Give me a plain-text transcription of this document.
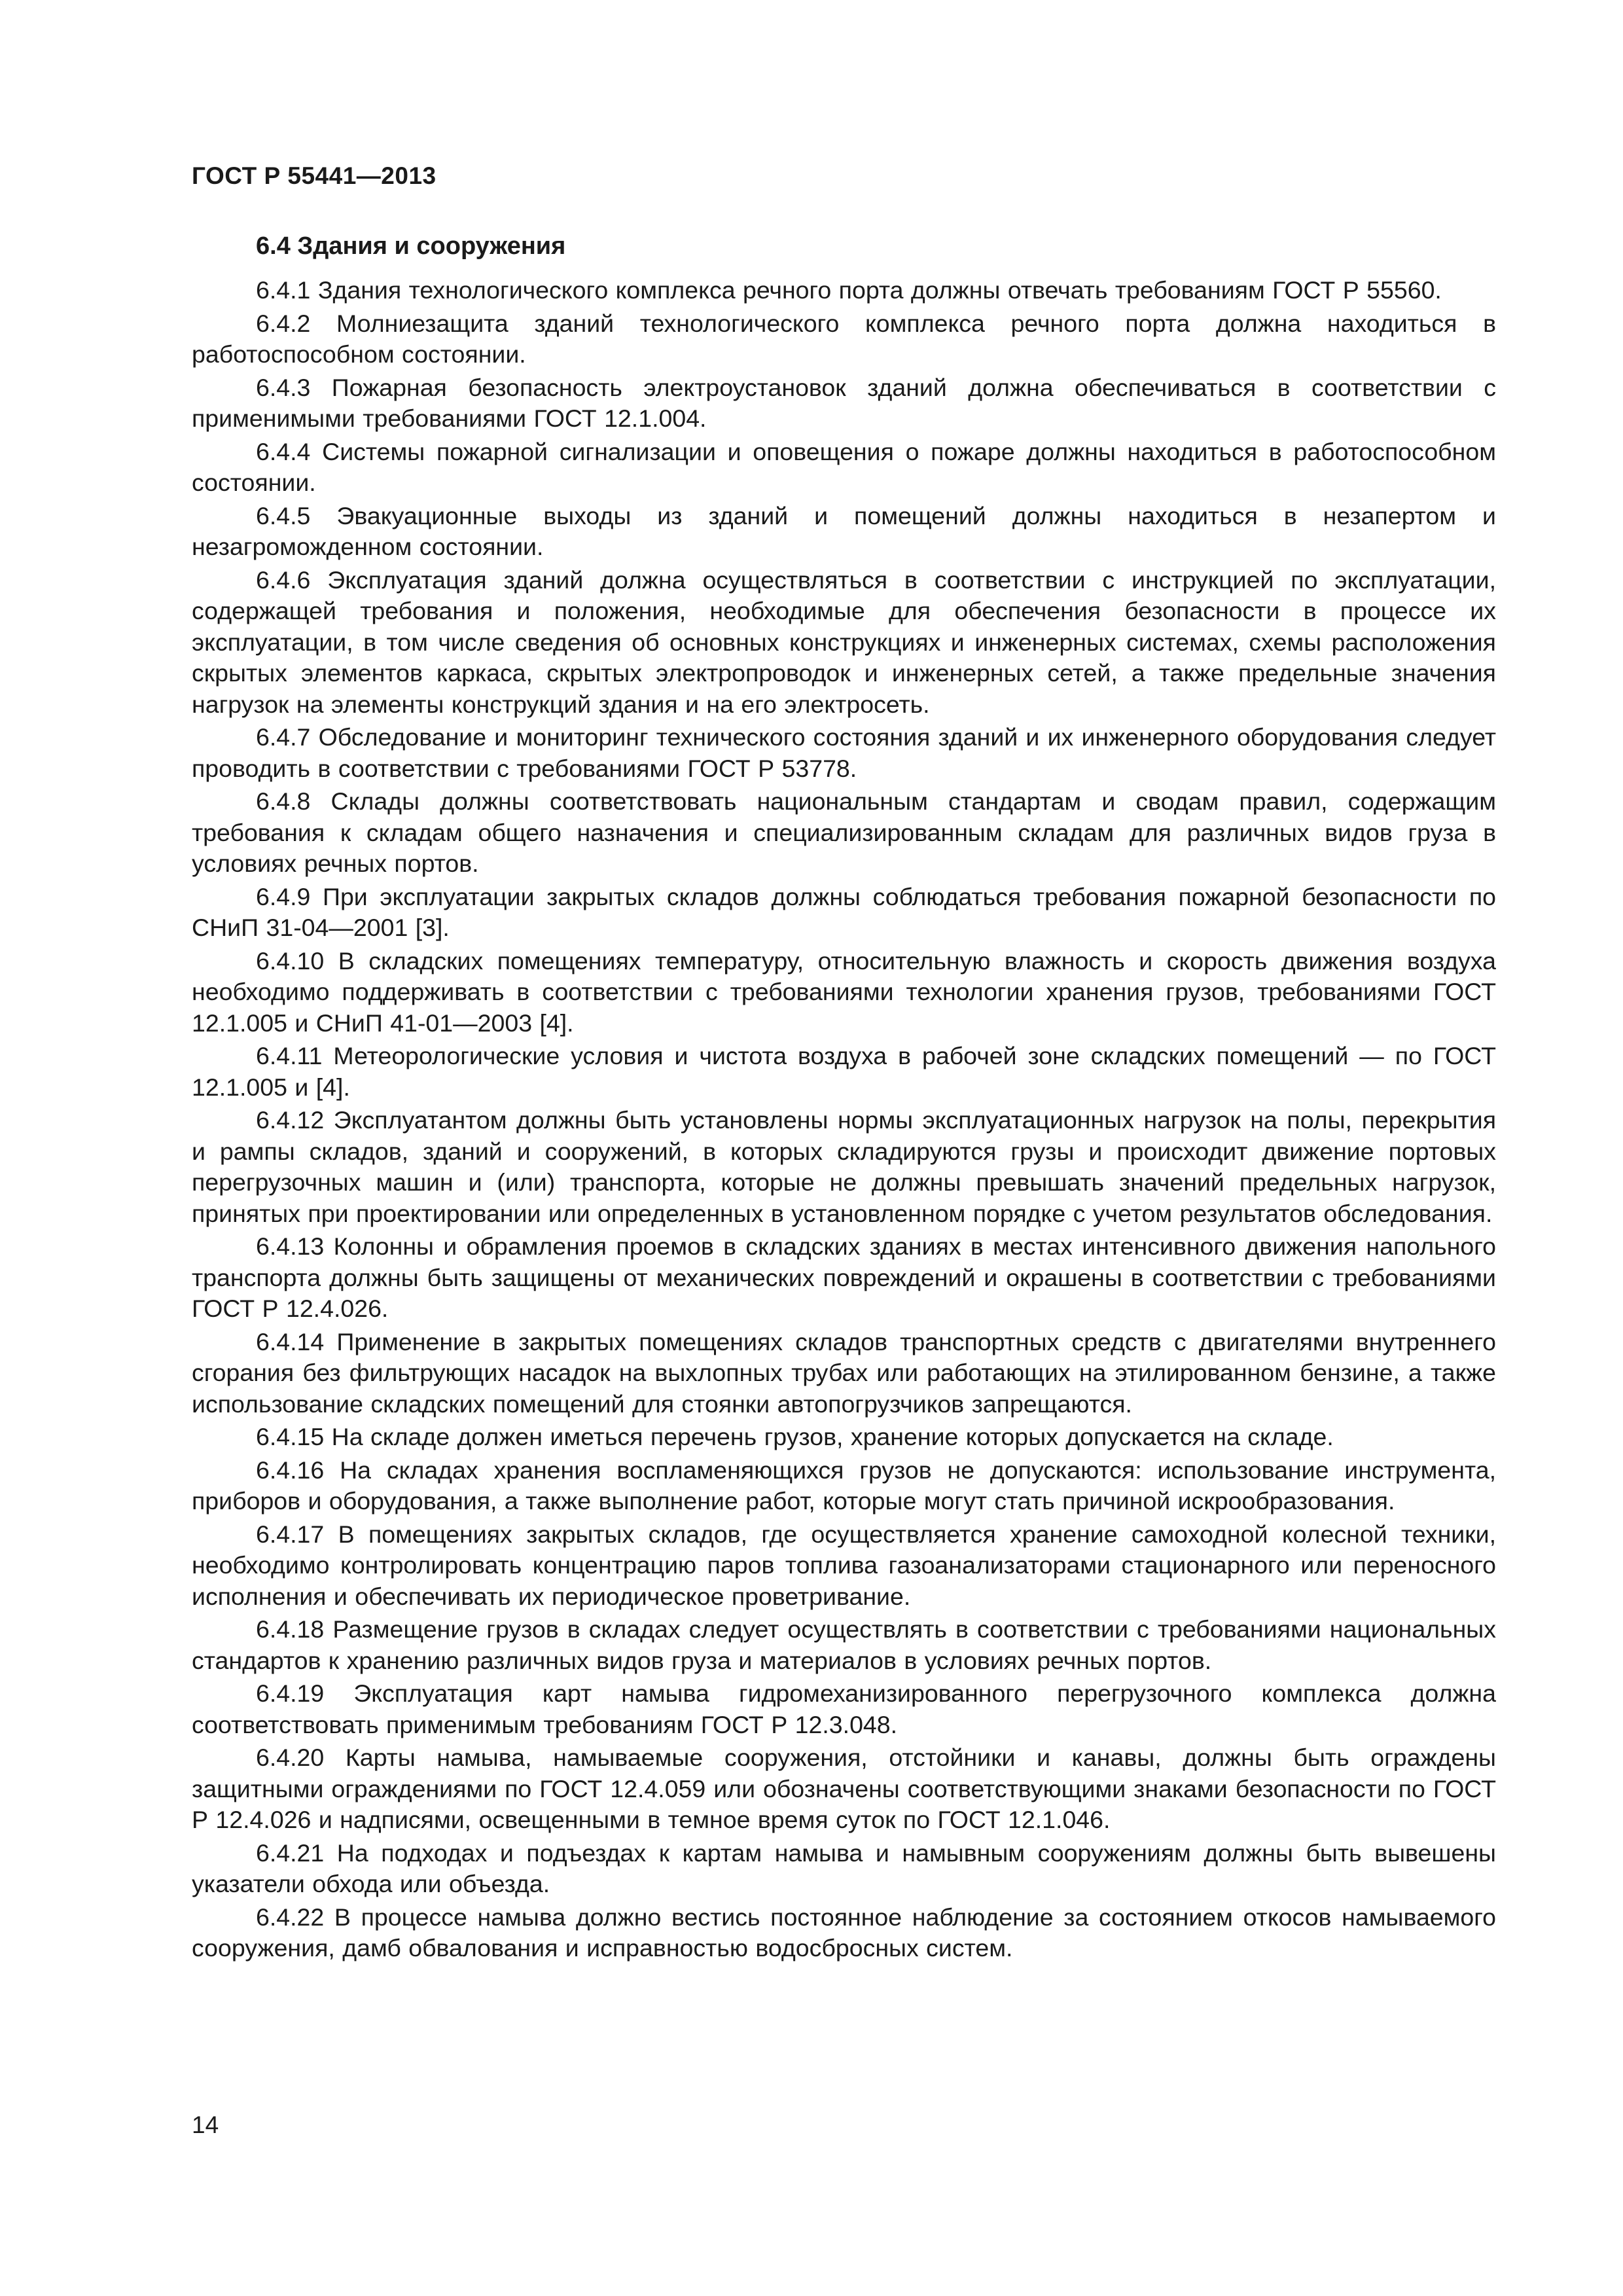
ГОСТ Р 55441—2013
6.4 Здания и сооружения

6.4.1 Здания технологического комплекса речного порта должны отвечать требованиям ГОСТ Р 55560.

6.4.2 Молниезащита зданий технологического комплекса речного порта должна находиться в работоспособном состоянии.

6.4.3 Пожарная безопасность электроустановок зданий должна обеспечиваться в соответствии с применимыми требованиями ГОСТ 12.1.004.

6.4.4 Системы пожарной сигнализации и оповещения о пожаре должны находиться в работоспособном состоянии.

6.4.5 Эвакуационные выходы из зданий и помещений должны находиться в незапертом и незагроможденном состоянии.

6.4.6 Эксплуатация зданий должна осуществляться в соответствии с инструкцией по эксплуатации, содержащей требования и положения, необходимые для обеспечения безопасности в процессе их эксплуатации, в том числе сведения об основных конструкциях и инженерных системах, схемы расположения скрытых элементов каркаса, скрытых электропроводок и инженерных сетей, а также предельные значения нагрузок на элементы конструкций здания и на его электросеть.

6.4.7 Обследование и мониторинг технического состояния зданий и их инженерного оборудования следует проводить в соответствии с требованиями ГОСТ Р 53778.

6.4.8 Склады должны соответствовать национальным стандартам и сводам правил, содержащим требования к складам общего назначения и специализированным складам для различных видов груза в условиях речных портов.

6.4.9 При эксплуатации закрытых складов должны соблюдаться требования пожарной безопасности по СНиП 31-04—2001 [3].

6.4.10 В складских помещениях температуру, относительную влажность и скорость движения воздуха необходимо поддерживать в соответствии с требованиями технологии хранения грузов, требованиями ГОСТ 12.1.005 и СНиП 41-01—2003 [4].

6.4.11 Метеорологические условия и чистота воздуха в рабочей зоне складских помещений — по ГОСТ 12.1.005 и [4].

6.4.12 Эксплуатантом должны быть установлены нормы эксплуатационных нагрузок на полы, перекрытия и рампы складов, зданий и сооружений, в которых складируются грузы и происходит движение портовых перегрузочных машин и (или) транспорта, которые не должны превышать значений предельных нагрузок, принятых при проектировании или определенных в установленном порядке с учетом результатов обследования.

6.4.13 Колонны и обрамления проемов в складских зданиях в местах интенсивного движения напольного транспорта должны быть защищены от механических повреждений и окрашены в соответствии с требованиями ГОСТ Р 12.4.026.

6.4.14 Применение в закрытых помещениях складов транспортных средств с двигателями внутреннего сгорания без фильтрующих насадок на выхлопных трубах или работающих на этилированном бензине, а также использование складских помещений для стоянки автопогрузчиков запрещаются.

6.4.15 На складе должен иметься перечень грузов, хранение которых допускается на складе.

6.4.16 На складах хранения воспламеняющихся грузов не допускаются: использование инструмента, приборов и оборудования, а также выполнение работ, которые могут стать причиной искрообразования.

6.4.17 В помещениях закрытых складов, где осуществляется хранение самоходной колесной техники, необходимо контролировать концентрацию паров топлива газоанализаторами стационарного или переносного исполнения и обеспечивать их периодическое проветривание.

6.4.18 Размещение грузов в складах следует осуществлять в соответствии с требованиями национальных стандартов к хранению различных видов груза и материалов в условиях речных портов.

6.4.19 Эксплуатация карт намыва гидромеханизированного перегрузочного комплекса должна соответствовать применимым требованиям ГОСТ Р 12.3.048.

6.4.20 Карты намыва, намываемые сооружения, отстойники и канавы, должны быть ограждены защитными ограждениями по ГОСТ 12.4.059 или обозначены соответствующими знаками безопасности по ГОСТ Р 12.4.026 и надписями, освещенными в темное время суток по ГОСТ 12.1.046.

6.4.21 На подходах и подъездах к картам намыва и намывным сооружениям должны быть вывешены указатели обхода или объезда.

6.4.22 В процессе намыва должно вестись постоянное наблюдение за состоянием откосов намываемого сооружения, дамб обвалования и исправностью водосбросных систем.

14
